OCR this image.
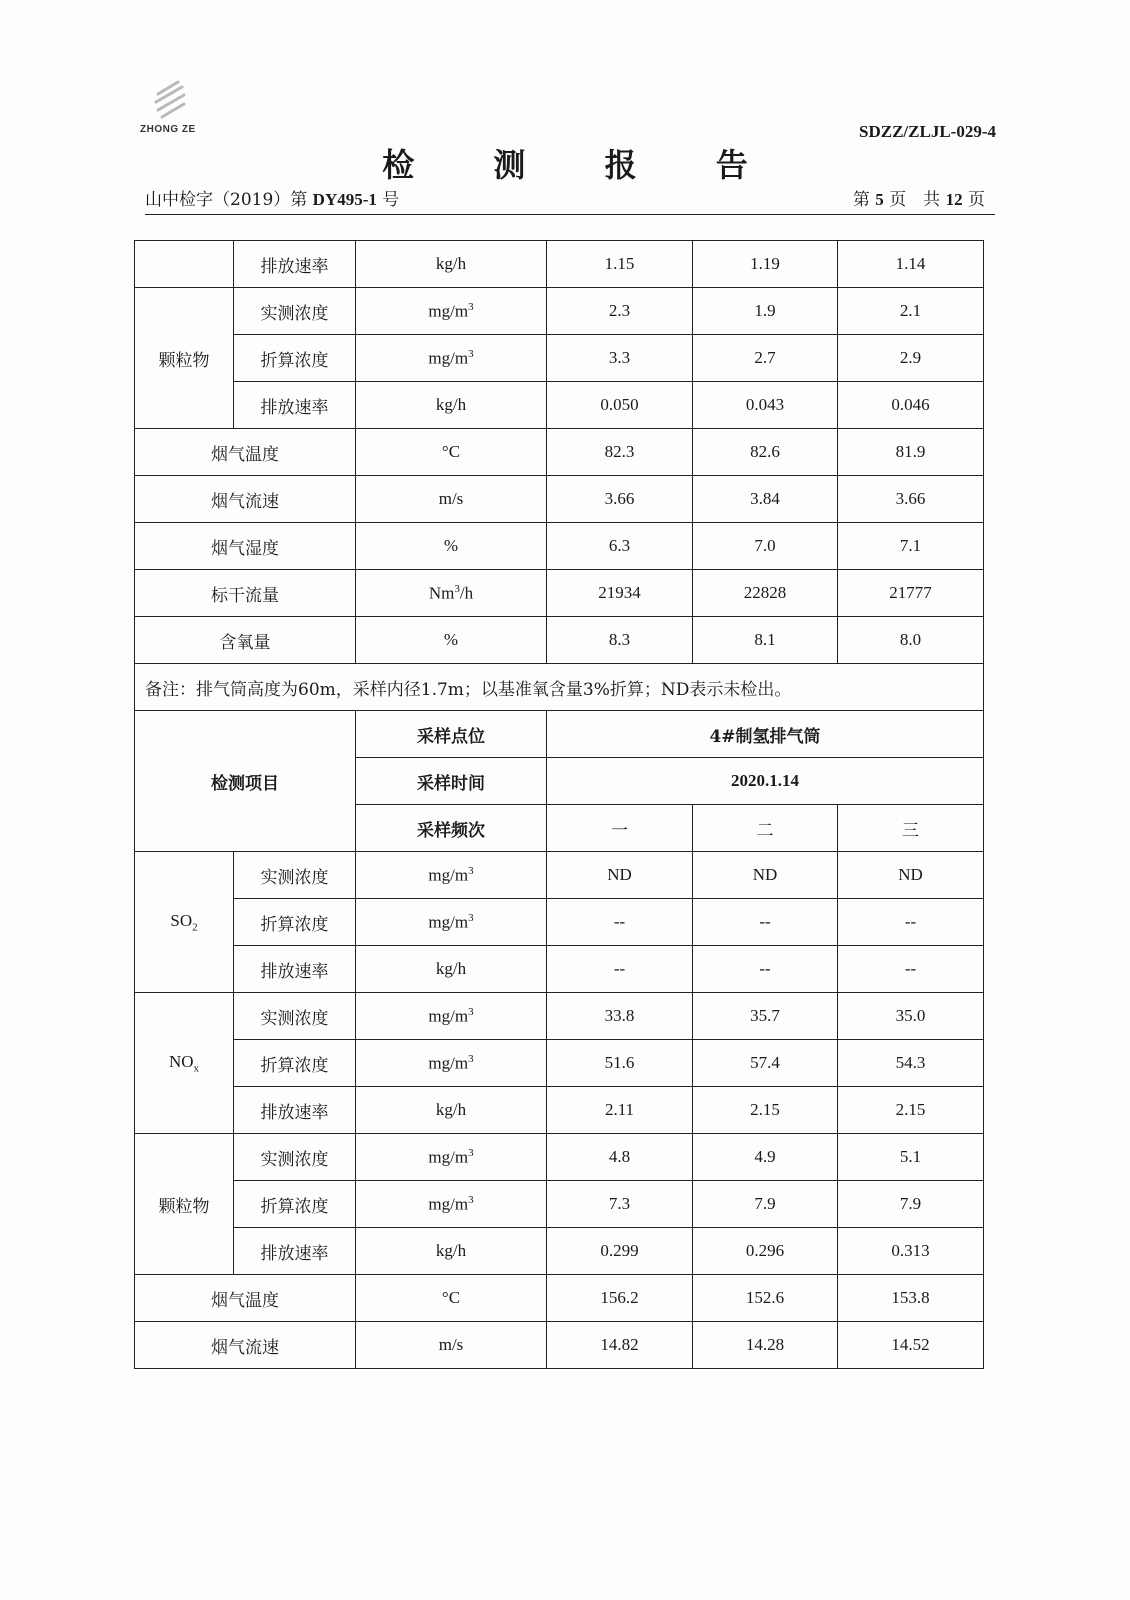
ZHONG ZE	SDZZ/ZLJL-029-4
检 测 报 告
山中检字（2019）第 DY495-1 号	第 5 页　共 12 页
	排放速率	kg/h	1.15	1.19	1.14
颗粒物	实测浓度	$mg/m^3$	2.3	1.9	2.1
	折算浓度	$mg/m^3$	3.3	2.7	2.9
	排放速率	kg/h	0.050	0.043	0.046
烟气温度		°C	82.3	82.6	81.9
烟气流速		m/s	3.66	3.84	3.66
烟气湿度		%	6.3	7.0	7.1
标干流量		Nm$^3$/h	21934	22828	21777
含氧量		%	8.3	8.1	8.0
备注：排气筒高度为60m，采样内径1.7m；以基准氧含量3%折算；ND表示未检出。					
检测项目		采样点位	4#制氢排气筒		
		采样时间	2020.1.14		
		采样频次	一	二	三
$SO_2$	实测浓度	$mg/m^3$	ND	ND	ND
	折算浓度	$mg/m^3$	--	--	--
	排放速率	kg/h	--	--	--
$NO_x$	实测浓度	$mg/m^3$	33.8	35.7	35.0
	折算浓度	$mg/m^3$	51.6	57.4	54.3
	排放速率	kg/h	2.11	2.15	2.15
颗粒物	实测浓度	$mg/m^3$	4.8	4.9	5.1
	折算浓度	$mg/m^3$	7.3	7.9	7.9
	排放速率	kg/h	0.299	0.296	0.313
烟气温度		°C	156.2	152.6	153.8
烟气流速		m/s	14.82	14.28	14.52
